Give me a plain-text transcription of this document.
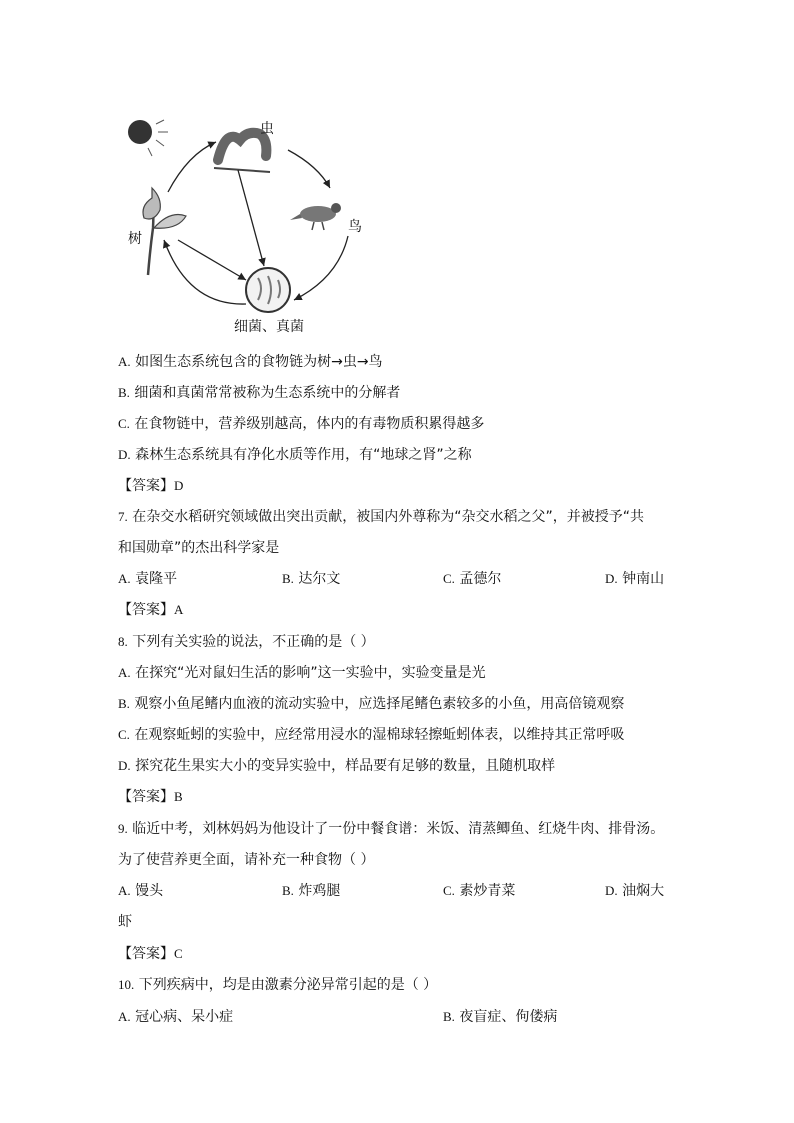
虫
鸟
树
细菌、真菌
A. 如图生态系统包含的食物链为树→虫→鸟
B. 细菌和真菌常常被称为生态系统中的分解者
C. 在食物链中，营养级别越高，体内的有毒物质积累得越多
D. 森林生态系统具有净化水质等作用，有“地球之肾”之称
【答案】D
7. 在杂交水稻研究领域做出突出贡献，被国内外尊称为“杂交水稻之父”，并被授予“共
和国勋章”的杰出科学家是
A. 袁隆平	B. 达尔文	C. 孟德尔	D. 钟南山
【答案】A
8. 下列有关实验的说法，不正确的是（ ）
A. 在探究“光对鼠妇生活的影响”这一实验中，实验变量是光
B. 观察小鱼尾鳍内血液的流动实验中，应选择尾鳍色素较多的小鱼，用高倍镜观察
C. 在观察蚯蚓的实验中，应经常用浸水的湿棉球轻擦蚯蚓体表，以维持其正常呼吸
D. 探究花生果实大小的变异实验中，样品要有足够的数量，且随机取样
【答案】B
9. 临近中考，刘林妈妈为他设计了一份中餐食谱：米饭、清蒸鲫鱼、红烧牛肉、排骨汤。
为了使营养更全面，请补充一种食物（ ）
A. 馒头	B. 炸鸡腿	C. 素炒青菜	D. 油焖大
虾
【答案】C
10. 下列疾病中，均是由激素分泌异常引起的是（ ）
A. 冠心病、呆小症	B. 夜盲症、佝偻病
